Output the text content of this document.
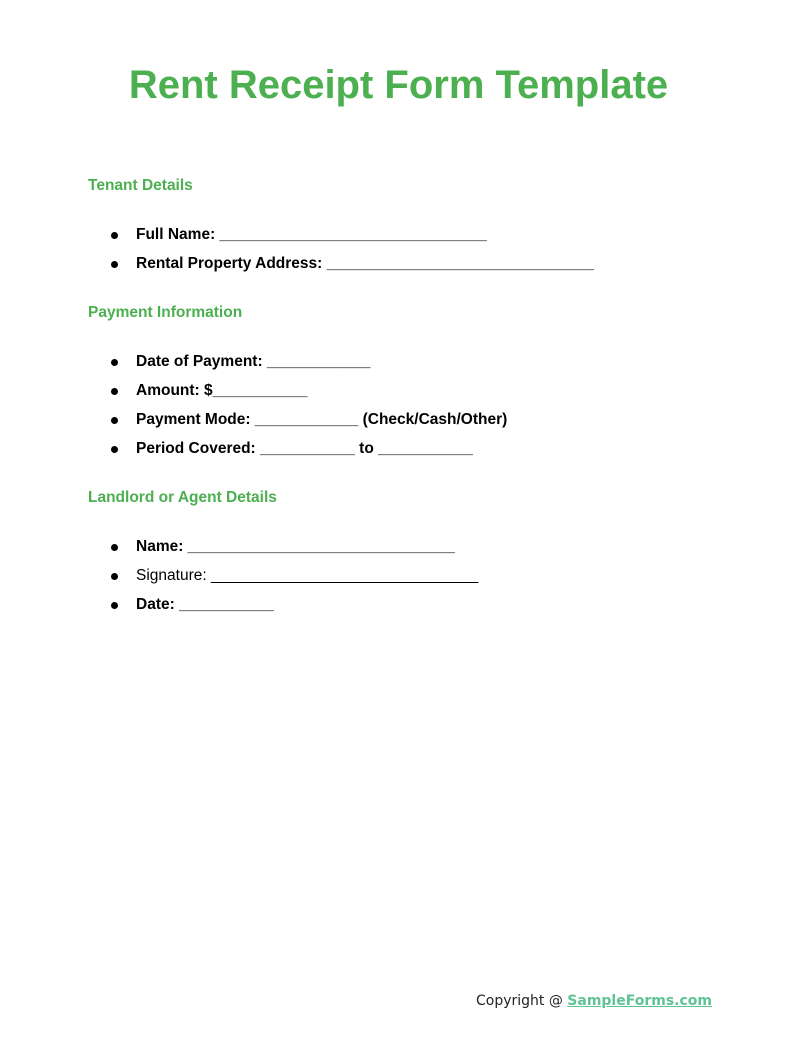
Rent Receipt Form Template
Tenant Details

Full Name: _______________________________

Rental Property Address: _______________________________

Payment Information

Date of Payment: ____________

Amount: $___________

Payment Mode: ____________ (Check/Cash/Other)

Period Covered: ___________ to ___________

Landlord or Agent Details

Name: _______________________________

Signature: _______________________________

Date: ___________

Copyright @ SampleForms.com
